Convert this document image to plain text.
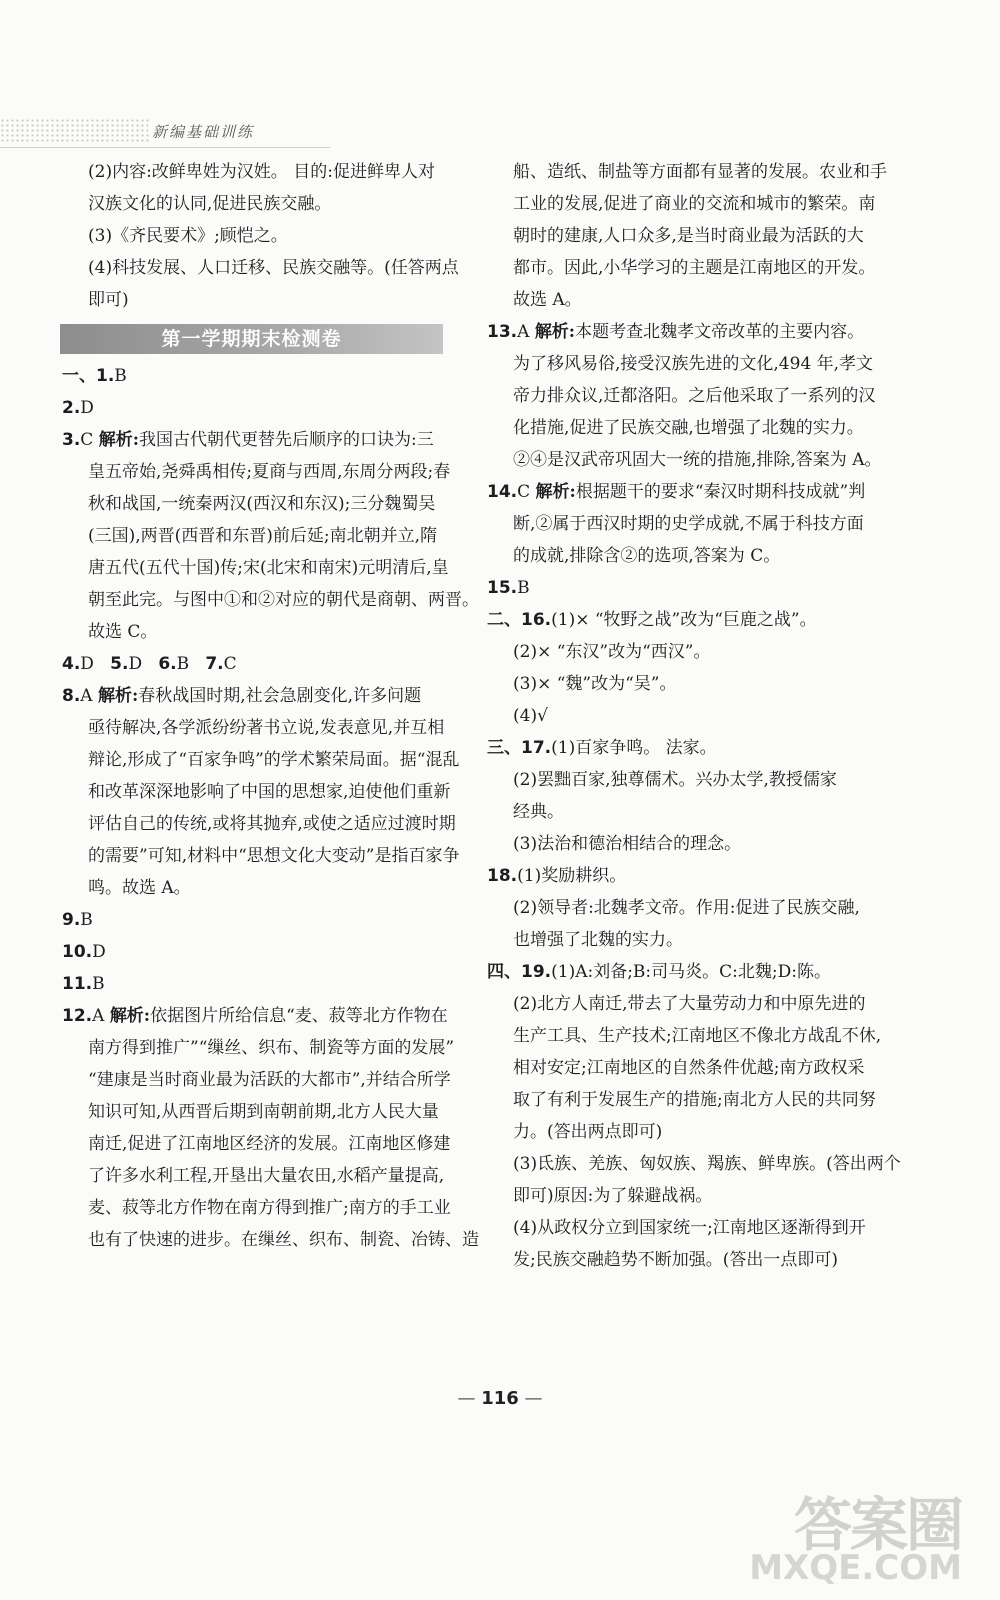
新编基础训练
(2)内容:改鲜卑姓为汉姓。 目的:促进鲜卑人对
汉族文化的认同,促进民族交融。
(3)《齐民要术》;顾恺之。
(4)科技发展、人口迁移、民族交融等。(任答两点
即可)
第一学期期末检测卷
一、1.B
2.D
3.C 解析:我国古代朝代更替先后顺序的口诀为:三
皇五帝始,尧舜禹相传;夏商与西周,东周分两段;春
秋和战国,一统秦两汉(西汉和东汉);三分魏蜀吴
(三国),两晋(西晋和东晋)前后延;南北朝并立,隋
唐五代(五代十国)传;宋(北宋和南宋)元明清后,皇
朝至此完。与图中①和②对应的朝代是商朝、两晋。
故选 C。
4.D 5.D 6.B 7.C
8.A 解析:春秋战国时期,社会急剧变化,许多问题
亟待解决,各学派纷纷著书立说,发表意见,并互相
辩论,形成了“百家争鸣”的学术繁荣局面。据“混乱
和改革深深地影响了中国的思想家,迫使他们重新
评估自己的传统,或将其抛弃,或使之适应过渡时期
的需要”可知,材料中“思想文化大变动”是指百家争
鸣。故选 A。
9.B
10.D
11.B
12.A 解析:依据图片所给信息“麦、菽等北方作物在
南方得到推广”“缫丝、织布、制瓷等方面的发展”
“建康是当时商业最为活跃的大都市”,并结合所学
知识可知,从西晋后期到南朝前期,北方人民大量
南迁,促进了江南地区经济的发展。江南地区修建
了许多水利工程,开垦出大量农田,水稻产量提高,
麦、菽等北方作物在南方得到推广;南方的手工业
也有了快速的进步。在缫丝、织布、制瓷、冶铸、造
船、造纸、制盐等方面都有显著的发展。农业和手
工业的发展,促进了商业的交流和城市的繁荣。南
朝时的建康,人口众多,是当时商业最为活跃的大
都市。因此,小华学习的主题是江南地区的开发。
故选 A。
13.A 解析:本题考查北魏孝文帝改革的主要内容。
为了移风易俗,接受汉族先进的文化,494 年,孝文
帝力排众议,迁都洛阳。之后他采取了一系列的汉
化措施,促进了民族交融,也增强了北魏的实力。
②④是汉武帝巩固大一统的措施,排除,答案为 A。
14.C 解析:根据题干的要求“秦汉时期科技成就”判
断,②属于西汉时期的史学成就,不属于科技方面
的成就,排除含②的选项,答案为 C。
15.B
二、16.(1)× “牧野之战”改为“巨鹿之战”。
(2)× “东汉”改为“西汉”。
(3)× “魏”改为“吴”。
(4)√
三、17.(1)百家争鸣。 法家。
(2)罢黜百家,独尊儒术。兴办太学,教授儒家
经典。
(3)法治和德治相结合的理念。
18.(1)奖励耕织。
(2)领导者:北魏孝文帝。作用:促进了民族交融,
也增强了北魏的实力。
四、19.(1)A:刘备;B:司马炎。C:北魏;D:陈。
(2)北方人南迁,带去了大量劳动力和中原先进的
生产工具、生产技术;江南地区不像北方战乱不休,
相对安定;江南地区的自然条件优越;南方政权采
取了有利于发展生产的措施;南北方人民的共同努
力。(答出两点即可)
(3)氐族、羌族、匈奴族、羯族、鲜卑族。(答出两个
即可)原因:为了躲避战祸。
(4)从政权分立到国家统一;江南地区逐渐得到开
发;民族交融趋势不断加强。(答出一点即可)
— 116 —
答案圈
MXQE.COM
